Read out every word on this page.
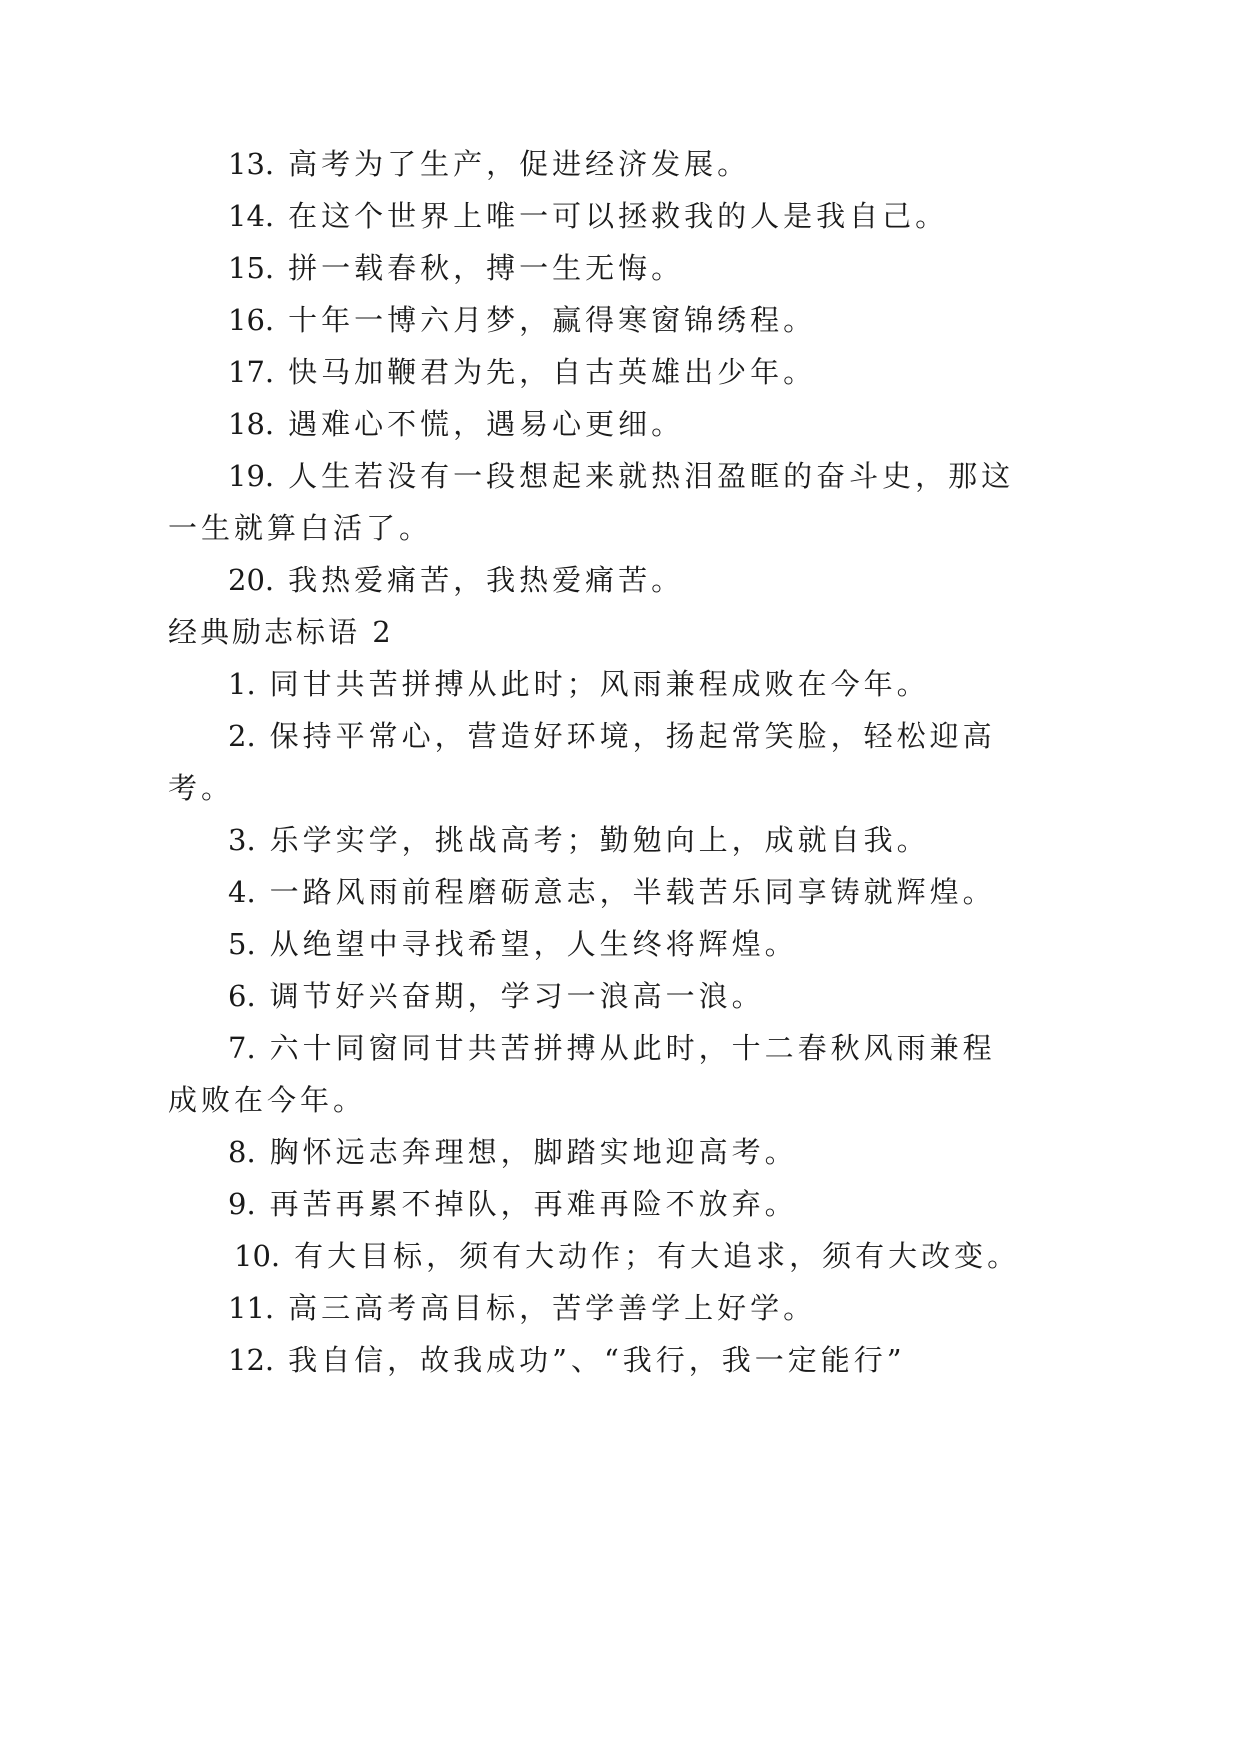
13. 高考为了生产，促进经济发展。

14. 在这个世界上唯一可以拯救我的人是我自己。

15. 拼一载春秋，搏一生无悔。

16. 十年一博六月梦，赢得寒窗锦绣程。

17. 快马加鞭君为先，自古英雄出少年。

18. 遇难心不慌，遇易心更细。

19. 人生若没有一段想起来就热泪盈眶的奋斗史，那这

一生就算白活了。

20. 我热爱痛苦，我热爱痛苦。

经典励志标语 2

1. 同甘共苦拼搏从此时；风雨兼程成败在今年。

2. 保持平常心，营造好环境，扬起常笑脸，轻松迎高

考。

3. 乐学实学，挑战高考；勤勉向上，成就自我。

4. 一路风雨前程磨砺意志，半载苦乐同享铸就辉煌。

5. 从绝望中寻找希望，人生终将辉煌。

6. 调节好兴奋期，学习一浪高一浪。

7. 六十同窗同甘共苦拼搏从此时，十二春秋风雨兼程

成败在今年。

8. 胸怀远志奔理想，脚踏实地迎高考。

9. 再苦再累不掉队，再难再险不放弃。

10. 有大目标，须有大动作；有大追求，须有大改变。

11. 高三高考高目标，苦学善学上好学。

12. 我自信，故我成功”、“我行，我一定能行”
